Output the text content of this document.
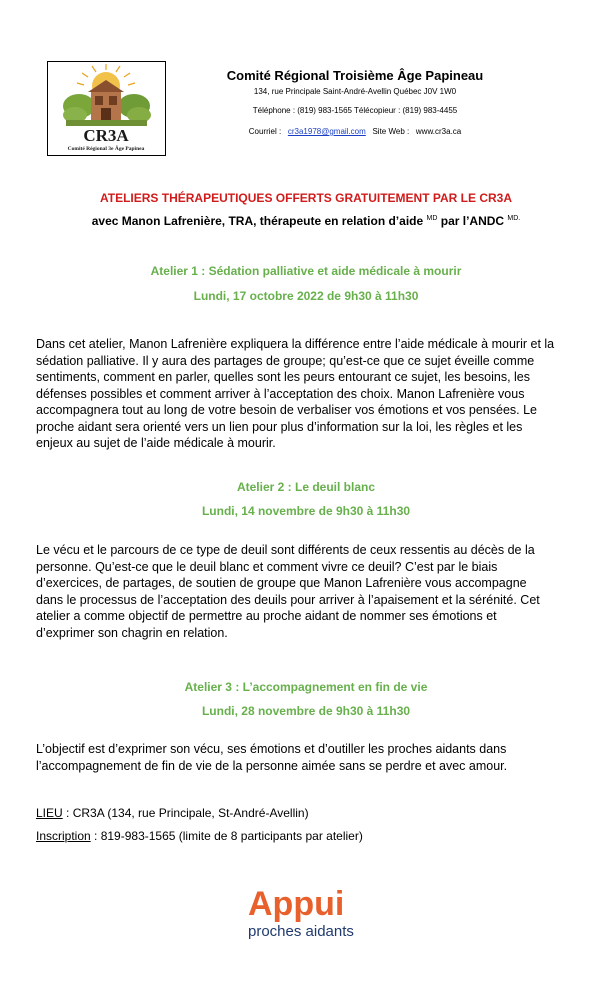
CR3A
Comité Régional 3e Âge Papinea

Comité Régional Troisième Âge Papineau

134, rue Principale Saint-André-Avellin Québec J0V 1W0

Téléphone : (819) 983-1565 Télécopieur : (819) 983-4455

Courriel : cr3a1978@gmail.com Site Web : www.cr3a.ca

ATELIERS THÉRAPEUTIQUES OFFERTS GRATUITEMENT PAR LE CR3A

avec Manon Lafrenière, TRA, thérapeute en relation d’aide $^{MD}$ par l’ANDC $^{MD.}$

Atelier 1 : Sédation palliative et aide médicale à mourir

Lundi, 17 octobre 2022 de 9h30 à 11h30

Dans cet atelier, Manon Lafrenière expliquera la différence entre l’aide médicale à mourir et la
sédation palliative. Il y aura des partages de groupe; qu’est-ce que ce sujet éveille comme
sentiments, comment en parler, quelles sont les peurs entourant ce sujet, les besoins, les
défenses possibles et comment arriver à l’acceptation des choix. Manon Lafrenière vous
accompagnera tout au long de votre besoin de verbaliser vos émotions et vos pensées. Le
proche aidant sera orienté vers un lien pour plus d’information sur la loi, les règles et les
enjeux au sujet de l’aide médicale à mourir.

Atelier 2 : Le deuil blanc

Lundi, 14 novembre de 9h30 à 11h30

Le vécu et le parcours de ce type de deuil sont différents de ceux ressentis au décès de la
personne. Qu’est-ce que le deuil blanc et comment vivre ce deuil? C’est par le biais
d’exercices, de partages, de soutien de groupe que Manon Lafrenière vous accompagne
dans le processus de l’acceptation des deuils pour arriver à l’apaisement et la sérénité. Cet
atelier a comme objectif de permettre au proche aidant de nommer ses émotions et
d’exprimer son chagrin en relation.

Atelier 3 : L’accompagnement en fin de vie

Lundi, 28 novembre de 9h30 à 11h30

L’objectif est d’exprimer son vécu, ses émotions et d’outiller les proches aidants dans
l’accompagnement de fin de vie de la personne aimée sans se perdre et avec amour.

LIEU : CR3A (134, rue Principale, St-André-Avellin)

Inscription : 819-983-1565 (limite de 8 participants par atelier)

Appui
proches aidants
